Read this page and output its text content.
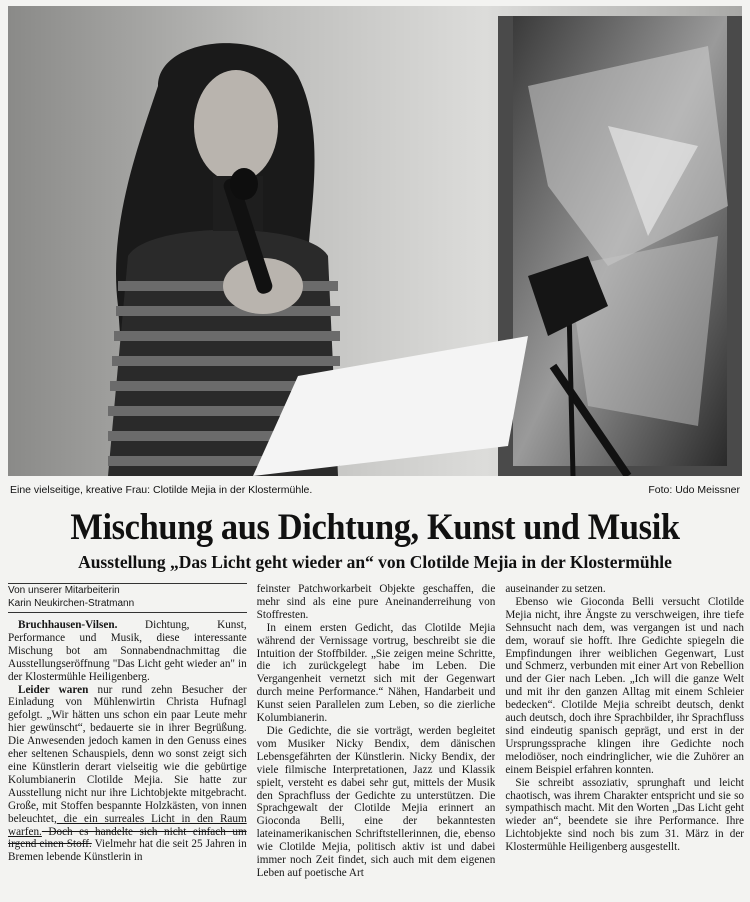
Eine vielseitige, kreative Frau: Clotilde Mejia in der Klostermühle.	Foto: Udo Meissner
Mischung aus Dichtung, Kunst und Musik
Ausstellung „Das Licht geht wieder an“ von Clotilde Mejia in der Klostermühle
Von unserer Mitarbeiterin
Karin Neukirchen-Stratmann

Bruchhausen-Vilsen. Dichtung, Kunst, Performance und Musik, diese interessante Mischung bot am Sonnabendnachmittag die Ausstellungseröffnung "Das Licht geht wieder an" in der Klostermühle Heiligenberg.

Leider waren nur rund zehn Besucher der Einladung von Mühlenwirtin Christa Hufnagl gefolgt. „Wir hätten uns schon ein paar Leute mehr hier gewünscht“, bedauerte sie in ihrer Begrüßung. Die Anwesenden jedoch kamen in den Genuss eines eher seltenen Schauspiels, denn wo sonst zeigt sich eine Künstlerin derart vielseitig wie die gebürtige Kolumbianerin Clotilde Mejia. Sie hatte zur Ausstellung nicht nur ihre Lichtobjekte mitgebracht. Große, mit Stoffen bespannte Holzkästen, von innen beleuchtet, die ein surreales Licht in den Raum warfen. Doch es handelte sich nicht einfach um irgend einen Stoff. Vielmehr hat die seit 25 Jahren in Bremen lebende Künstlerin in

feinster Patchworkarbeit Objekte geschaffen, die mehr sind als eine pure Aneinanderreihung von Stoffresten.

In einem ersten Gedicht, das Clotilde Mejia während der Vernissage vortrug, beschreibt sie die Intuition der Stoffbilder. „Sie zeigen meine Schritte, die ich zurückgelegt habe im Leben. Die Vergangenheit vernetzt sich mit der Gegenwart durch meine Performance.“ Nähen, Handarbeit und Kunst seien Parallelen zum Leben, so die zierliche Kolumbianerin.

Die Gedichte, die sie vorträgt, werden begleitet vom Musiker Nicky Bendix, dem dänischen Lebensgefährten der Künstlerin. Nicky Bendix, der viele filmische Interpretationen, Jazz und Klassik spielt, versteht es dabei sehr gut, mittels der Musik den Sprachfluss der Gedichte zu unterstützen. Die Sprachgewalt der Clotilde Mejia erinnert an Gioconda Belli, eine der bekanntesten lateinamerikanischen Schriftstellerinnen, die, ebenso wie Clotilde Mejia, politisch aktiv ist und dabei immer noch Zeit findet, sich auch mit dem eigenen Leben auf poetische Art

auseinander zu setzen.

Ebenso wie Gioconda Belli versucht Clotilde Mejia nicht, ihre Ängste zu verschweigen, ihre tiefe Sehnsucht nach dem, was vergangen ist und nach dem, worauf sie hofft. Ihre Gedichte spiegeln die Empfindungen ihrer weiblichen Gegenwart, Lust und Schmerz, verbunden mit einer Art von Rebellion und der Gier nach Leben. „Ich will die ganze Welt und mit ihr den ganzen Alltag mit einem Schleier bedecken“. Clotilde Mejia schreibt deutsch, denkt auch deutsch, doch ihre Sprachbilder, ihr Sprachfluss sind eindeutig spanisch geprägt, und erst in der Ursprungssprache klingen ihre Gedichte noch melodiöser, noch eindringlicher, wie die Zuhörer an einem Beispiel erfahren konnten.

Sie schreibt assoziativ, sprunghaft und leicht chaotisch, was ihrem Charakter entspricht und sie so sympathisch macht. Mit den Worten „Das Licht geht wieder an“, beendete sie ihre Performance. Ihre Lichtobjekte sind noch bis zum 31. März in der Klostermühle Heiligenberg ausgestellt.
